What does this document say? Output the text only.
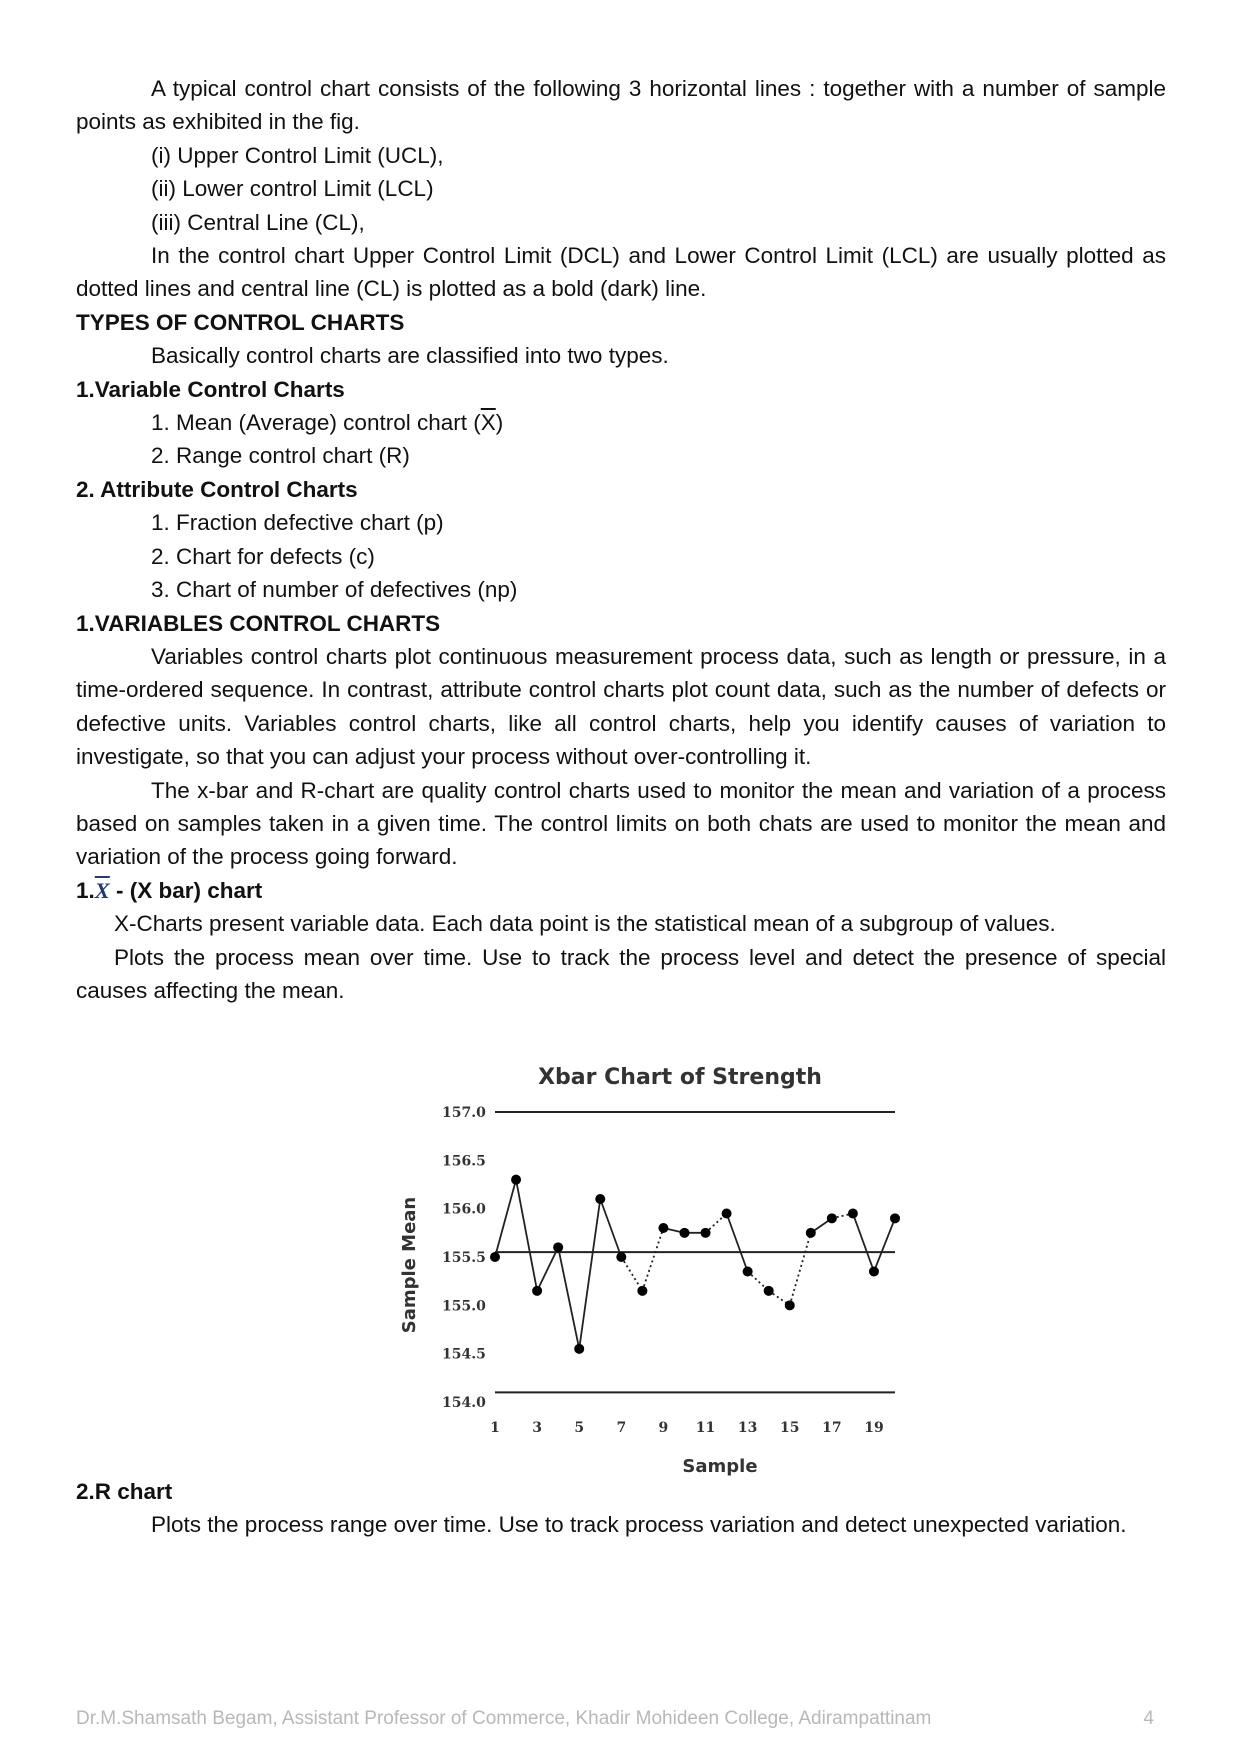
A typical control chart consists of the following 3 horizontal lines : together with a number of sample points as exhibited in the fig.

(i) Upper Control Limit (UCL),

(ii) Lower control Limit (LCL)

(iii) Central Line (CL),

In the control chart Upper Control Limit (DCL) and Lower Control Limit (LCL) are usually plotted as dotted lines and central line (CL) is plotted as a bold (dark) line.

TYPES OF CONTROL CHARTS

Basically control charts are classified into two types.

1.Variable Control Charts

1. Mean (Average) control chart $(\overline{X})$

2. Range control chart (R)

2. Attribute Control Charts

1. Fraction defective chart (p)

2. Chart for defects (c)

3. Chart of number of defectives (np)

1.VARIABLES CONTROL CHARTS

Variables control charts plot continuous measurement process data, such as length or pressure, in a time-ordered sequence. In contrast, attribute control charts plot count data, such as the number of defects or defective units. Variables control charts, like all control charts, help you identify causes of variation to investigate, so that you can adjust your process without over-controlling it.

The x-bar and R-chart are quality control charts used to monitor the mean and variation of a process based on samples taken in a given time. The control limits on both chats are used to monitor the mean and variation of the process going forward.

$1.\overline{X} - (X$ bar) chart

X-Charts present variable data. Each data point is the statistical mean of a subgroup of values.

Plots the process mean over time. Use to track the process level and detect the presence of special causes affecting the mean.

Xbar Chart of Strength
Sample Mean
Sample
157.0
156.5
156.0
155.5
155.0
154.5
154.0
1 3 5 7 9 11 13 15 17 19

2.R chart

Plots the process range over time. Use to track process variation and detect unexpected variation.

Dr.M.Shamsath Begam, Assistant Professor of Commerce, Khadir Mohideen College, Adirampattinam	4
